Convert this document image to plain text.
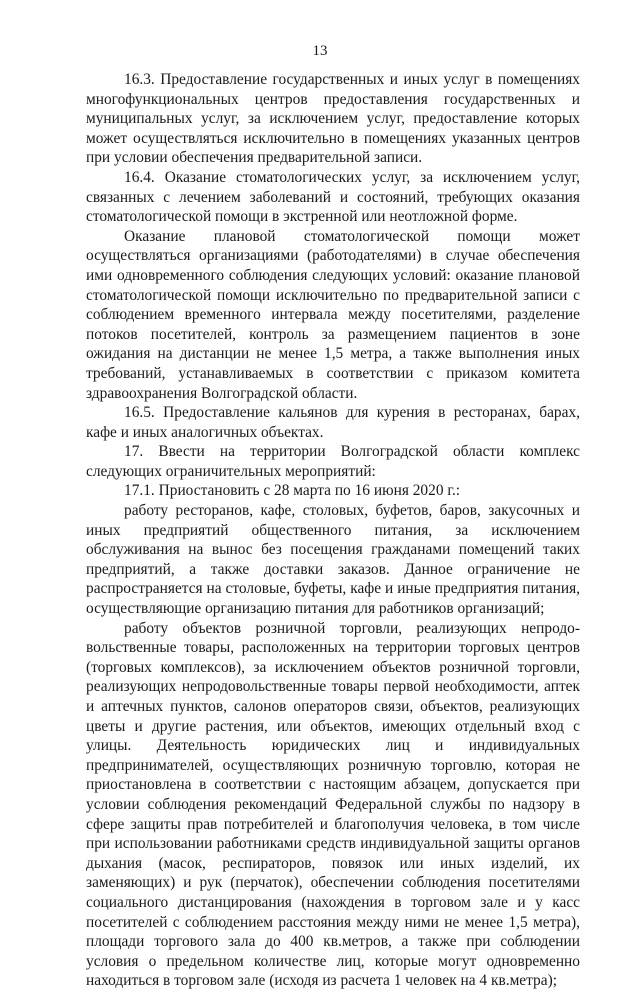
13

16.3. Предоставление государственных и иных услуг в помещениях многофункциональных центров предоставления государственных и муниципальных услуг, за исключением услуг, предоставление которых может осуществляться исключительно в помещениях указанных центров при условии обеспечения предварительной записи.

16.4. Оказание стоматологических услуг, за исключением услуг, связанных с лечением заболеваний и состояний, требующих оказания стоматологической помощи в экстренной или неотложной форме.

Оказание плановой стоматологической помощи может осуществляться организациями (работодателями) в случае обеспечения ими одновременного соблюдения следующих условий: оказание плановой стоматологической помощи исключительно по предварительной записи с соблюдением временного интервала между посетителями, разделение потоков посетителей, контроль за размещением пациентов в зоне ожидания на дистанции не менее 1,5 метра, а также выполнения иных требований, устанавливаемых в соответствии с приказом комитета здравоохранения Волгоградской области.

16.5. Предоставление кальянов для курения в ресторанах, барах, кафе и иных аналогичных объектах.

17. Ввести на территории Волгоградской области комплекс следующих ограничительных мероприятий:

17.1. Приостановить с 28 марта по 16 июня 2020 г.:

работу ресторанов, кафе, столовых, буфетов, баров, закусочных и иных предприятий общественного питания, за исключением обслуживания на вынос без посещения гражданами помещений таких предприятий, а также доставки заказов. Данное ограничение не распространяется на столовые, буфеты, кафе и иные предприятия питания, осуществляющие организацию питания для работников организаций;

работу объектов розничной торговли, реализующих непродовольственные товары, расположенных на территории торговых центров (торговых комплексов), за исключением объектов розничной торговли, реализующих непродовольственные товары первой необходимости, аптек и аптечных пунктов, салонов операторов связи, объектов, реализующих цветы и другие растения, или объектов, имеющих отдельный вход с улицы. Деятельность юридических лиц и индивидуальных предпринимателей, осуществляющих розничную торговлю, которая не приостановлена в соответствии с настоящим абзацем, допускается при условии соблюдения рекомендаций Федеральной службы по надзору в сфере защиты прав потребителей и благополучия человека, в том числе при использовании работниками средств индивидуальной защиты органов дыхания (масок, респираторов, повязок или иных изделий, их заменяющих) и рук (перчаток), обеспечении соблюдения посетителями социального дистанцирования (нахождения в торговом зале и у касс посетителей с соблюдением расстояния между ними не менее 1,5 метра), площади торгового зала до 400 кв.метров, а также при соблюдении условия о предельном количестве лиц, которые могут одновременно находиться в торговом зале (исходя из расчета 1 человек на 4 кв.метра);
